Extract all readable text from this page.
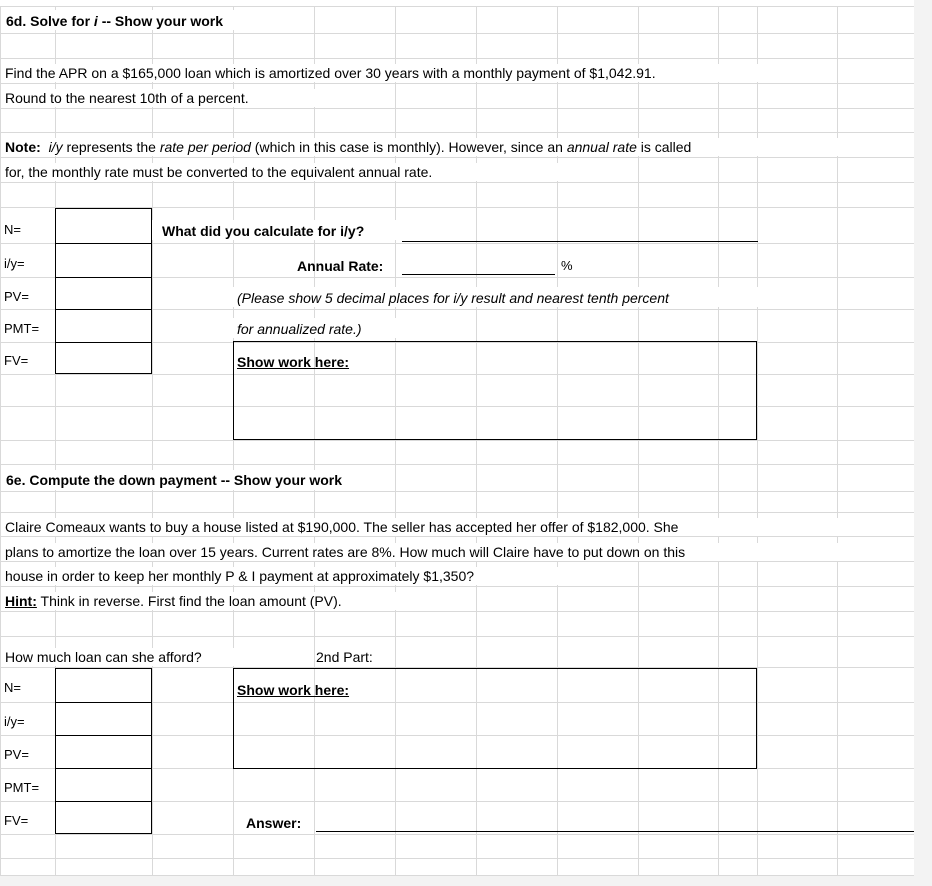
6d. Solve for i -- Show your work
Find the APR on a $165,000 loan which is amortized over 30 years with a monthly payment of $1,042.91.
Round to the nearest 10th of a percent.
Note: i/y represents the rate per period (which in this case is monthly). However, since an annual rate is called
for, the monthly rate must be converted to the equivalent annual rate.
N=
i/y=
PV=
PMT=
FV=
What did you calculate for i/y?
Annual Rate:	%
(Please show 5 decimal places for i/y result and nearest tenth percent
for annualized rate.)
Show work here:
6e. Compute the down payment -- Show your work
Claire Comeaux wants to buy a house listed at $190,000. The seller has accepted her offer of $182,000. She
plans to amortize the loan over 15 years. Current rates are 8%. How much will Claire have to put down on this
house in order to keep her monthly P & I payment at approximately $1,350?
Hint: Think in reverse. First find the loan amount (PV).
How much loan can she afford?	2nd Part:
N=
i/y=
PV=
PMT=
FV=
Show work here:
Answer:
